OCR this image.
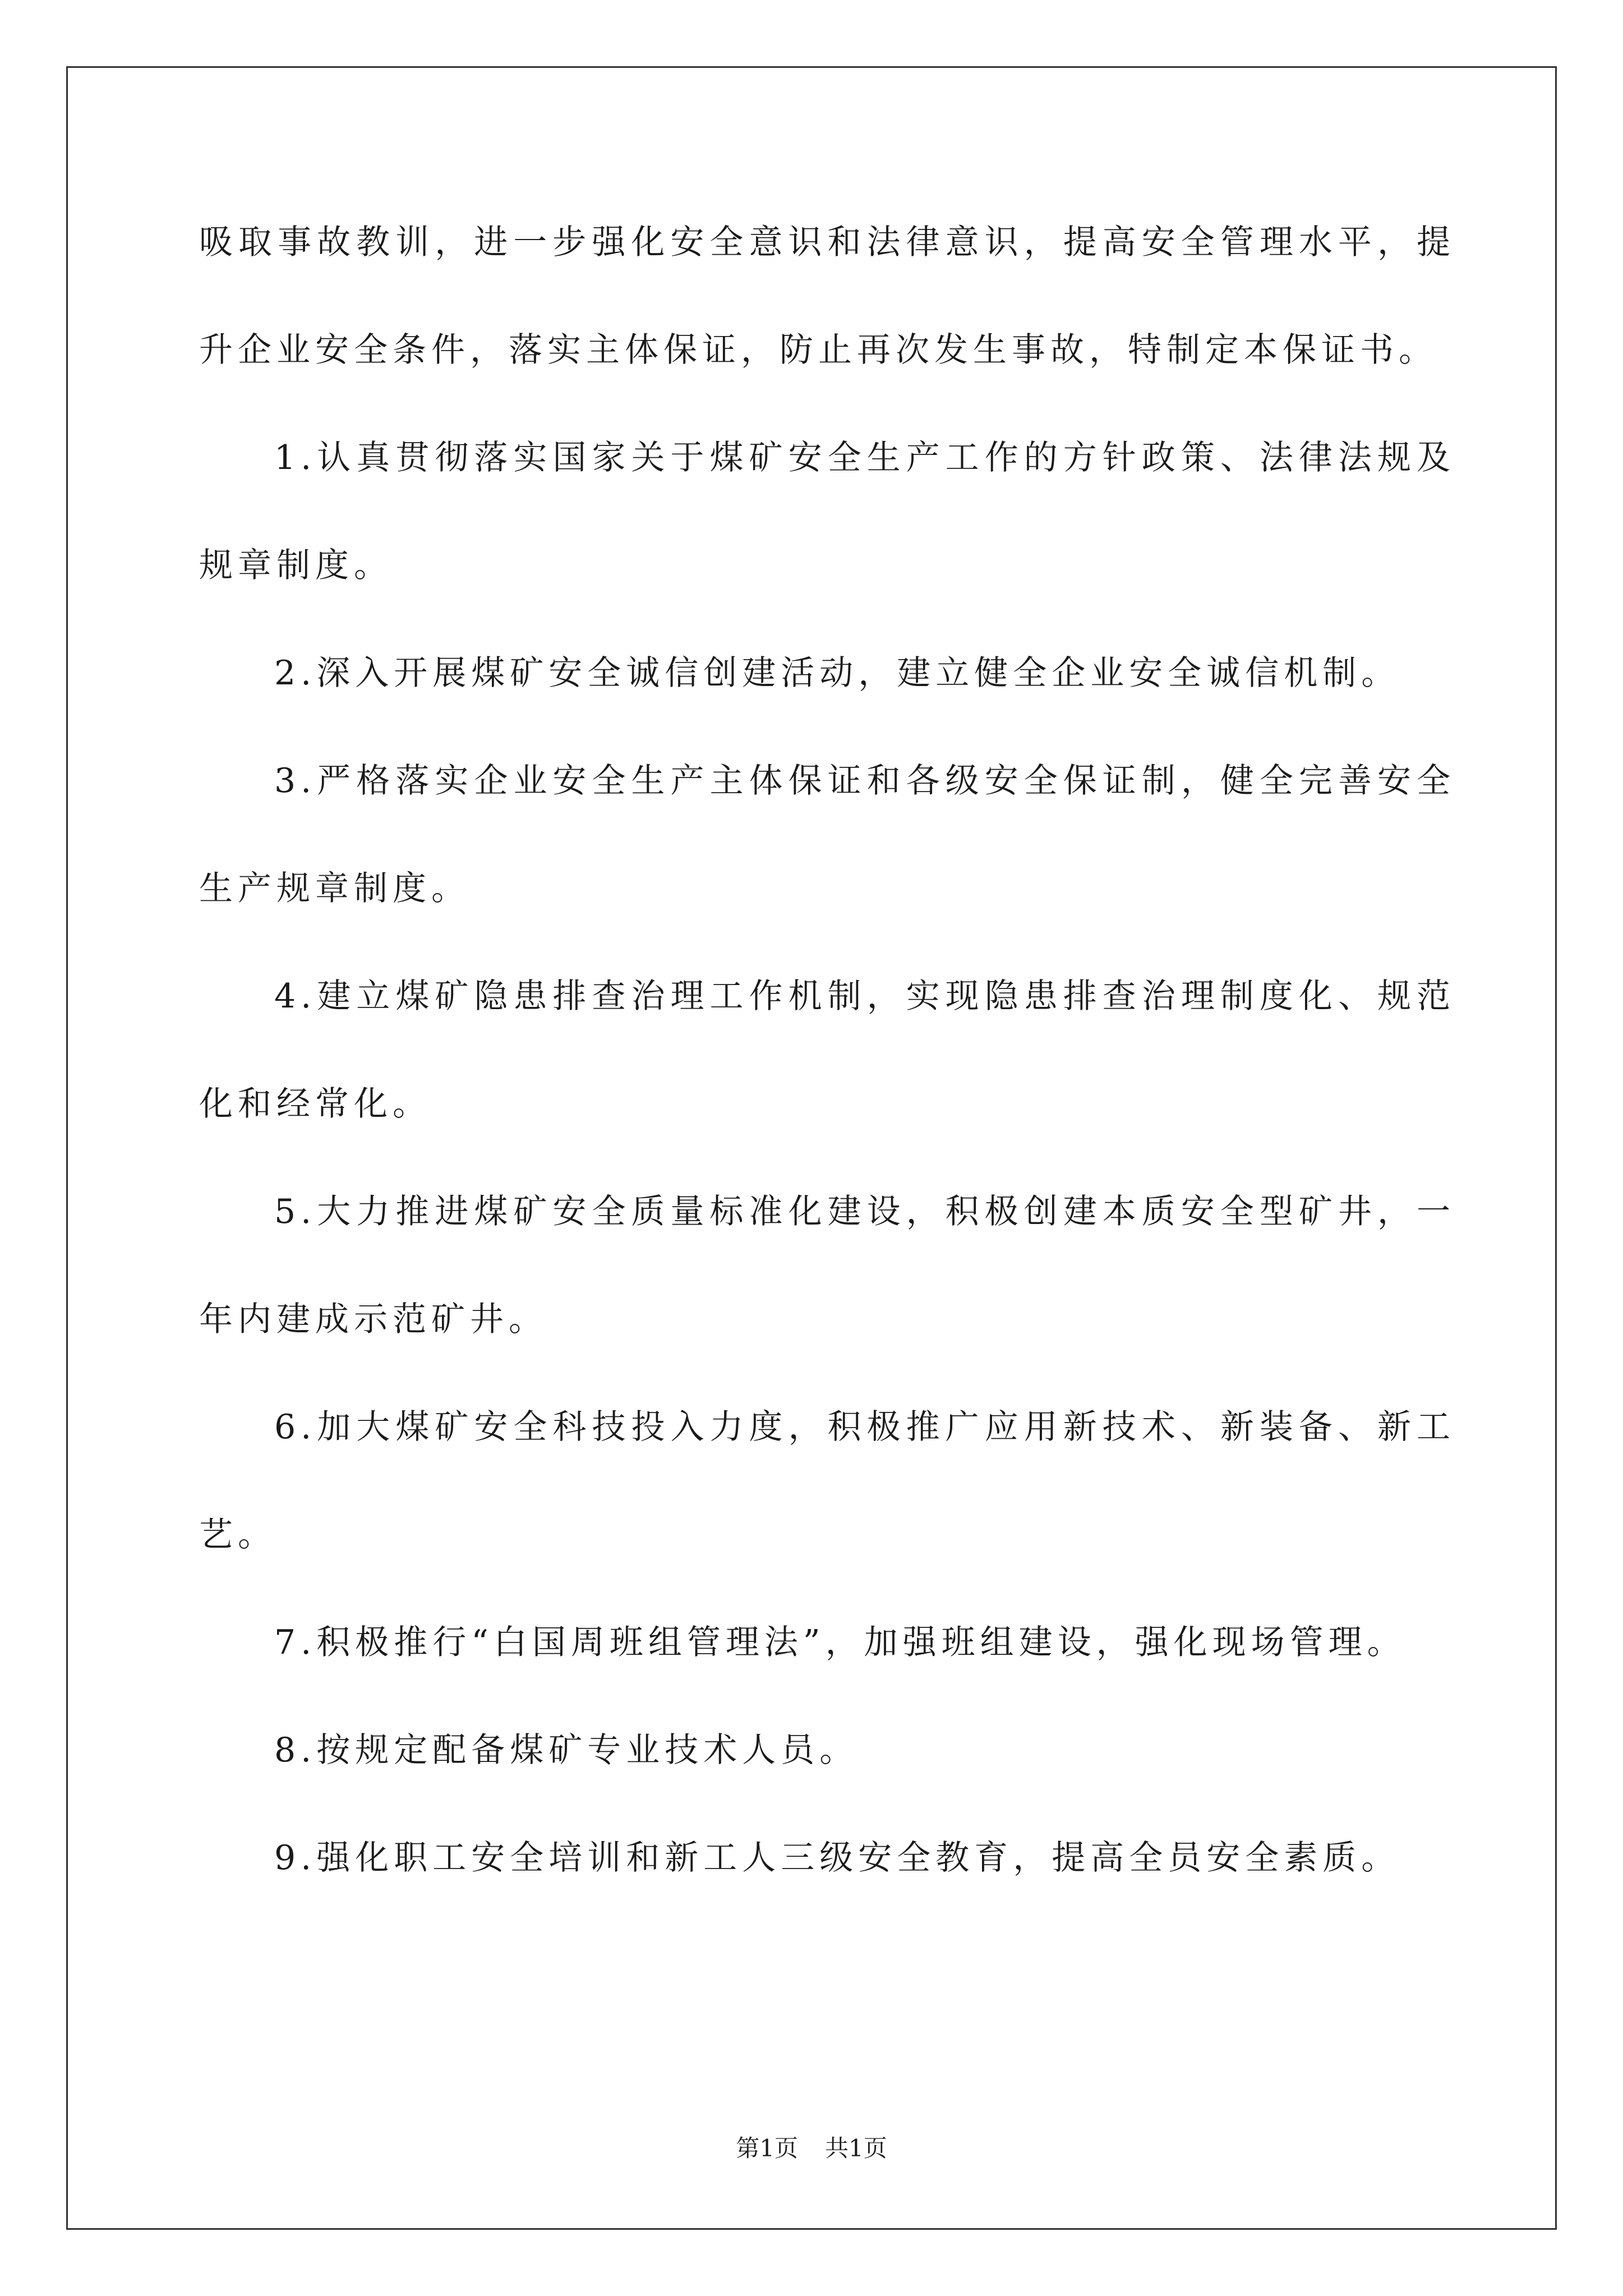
吸取事故教训，进一步强化安全意识和法律意识，提高安全管理水平，提升企业安全条件，落实主体保证，防止再次发生事故，特制定本保证书。

1.认真贯彻落实国家关于煤矿安全生产工作的方针政策、法律法规及规章制度。

2.深入开展煤矿安全诚信创建活动，建立健全企业安全诚信机制。

3.严格落实企业安全生产主体保证和各级安全保证制，健全完善安全生产规章制度。

4.建立煤矿隐患排查治理工作机制，实现隐患排查治理制度化、规范化和经常化。

5.大力推进煤矿安全质量标准化建设，积极创建本质安全型矿井，一年内建成示范矿井。

6.加大煤矿安全科技投入力度，积极推广应用新技术、新装备、新工艺。

7.积极推行“白国周班组管理法”，加强班组建设，强化现场管理。

8.按规定配备煤矿专业技术人员。

9.强化职工安全培训和新工人三级安全教育，提高全员安全素质。

第1页 共1页
